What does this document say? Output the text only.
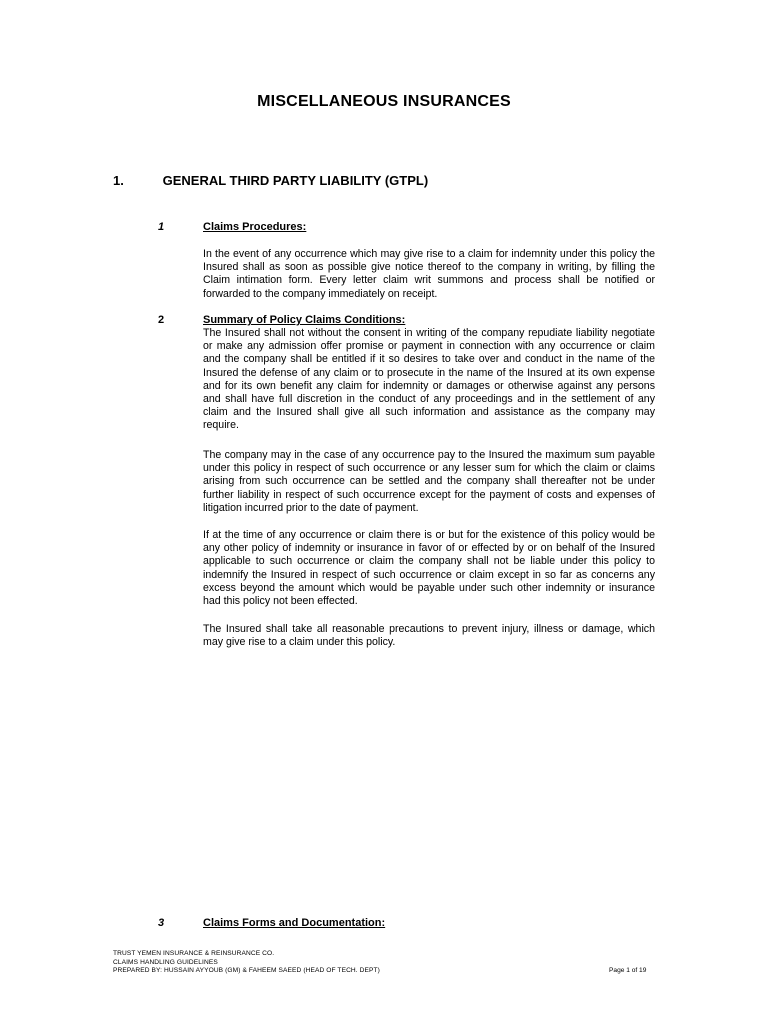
MISCELLANEOUS INSURANCES
1.	GENERAL THIRD PARTY LIABILITY (GTPL)
1	Claims Procedures:

In the event of any occurrence which may give rise to a claim for indemnity under this policy the Insured shall as soon as possible give notice thereof to the company in writing, by filling the Claim intimation form. Every letter claim writ summons and process shall be notified or forwarded to the company immediately on receipt.

2	Summary of Policy Claims Conditions:

The Insured shall not without the consent in writing of the company repudiate liability negotiate or make any admission offer promise or payment in connection with any occurrence or claim and the company shall be entitled if it so desires to take over and conduct in the name of the Insured the defense of any claim or to prosecute in the name of the Insured at its own expense and for its own benefit any claim for indemnity or damages or otherwise against any persons and shall have full discretion in the conduct of any proceedings and in the settlement of any claim and the Insured shall give all such information and assistance as the company may require.

The company may in the case of any occurrence pay to the Insured the maximum sum payable under this policy in respect of such occurrence or any lesser sum for which the claim or claims arising from such occurrence can be settled and the company shall thereafter not be under further liability in respect of such occurrence except for the payment of costs and expenses of litigation incurred prior to the date of payment.

If at the time of any occurrence or claim there is or but for the existence of this policy would be any other policy of indemnity or insurance in favor of or effected by or on behalf of the Insured applicable to such occurrence or claim the company shall not be liable under this policy to indemnify the Insured in respect of such occurrence or claim except in so far as concerns any excess beyond the amount which would be payable under such other indemnity or insurance had this policy not been effected.

The Insured shall take all reasonable precautions to prevent injury, illness or damage, which may give rise to a claim under this policy.

3	Claims Forms and Documentation:
TRUST YEMEN INSURANCE & REINSURANCE CO.
CLAIMS HANDLING GUIDELINES
PREPARED BY: HUSSAIN AYYOUB (GM) & FAHEEM SAEED (HEAD OF TECH. DEPT)	Page 1 of 19
